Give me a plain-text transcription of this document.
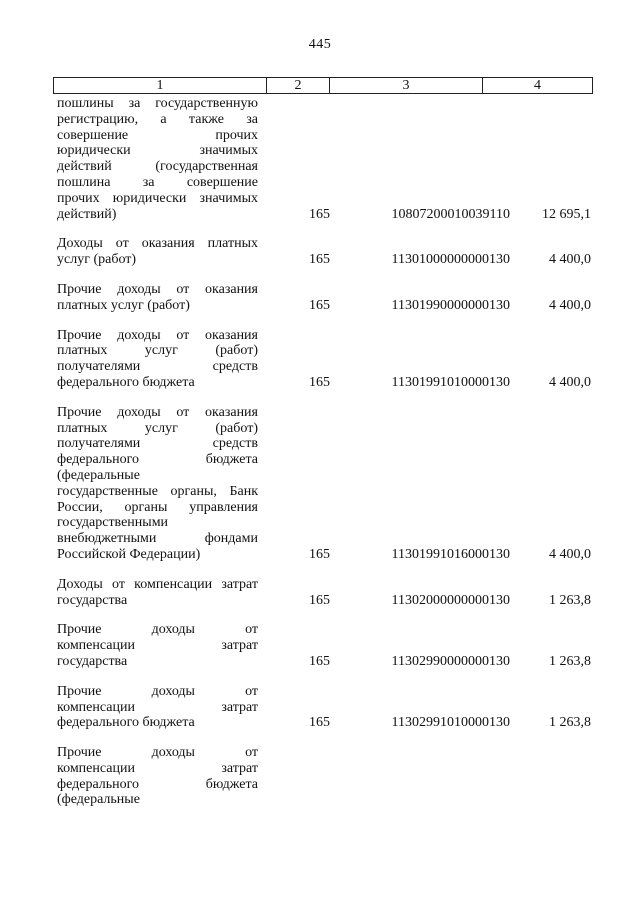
445
1	2	3	4
пошлины за государственную
регистрацию, а также за
совершение прочих
юридически значимых
действий (государственная
пошлина за совершение
прочих юридически значимых
действий)	165	10807200010039110	12 695,1
Доходы от оказания платных
услуг (работ)	165	11301000000000130	4 400,0
Прочие доходы от оказания
платных услуг (работ)	165	11301990000000130	4 400,0
Прочие доходы от оказания
платных услуг (работ)
получателями средств
федерального бюджета	165	11301991010000130	4 400,0
Прочие доходы от оказания
платных услуг (работ)
получателями средств
федерального бюджета
(федеральные
государственные органы, Банк
России, органы управления
государственными
внебюджетными фондами
Российской Федерации)	165	11301991016000130	4 400,0
Доходы от компенсации затрат
государства	165	11302000000000130	1 263,8
Прочие доходы от
компенсации затрат
государства	165	11302990000000130	1 263,8
Прочие доходы от
компенсации затрат
федерального бюджета	165	11302991010000130	1 263,8
Прочие доходы от
компенсации затрат
федерального бюджета
(федеральные
